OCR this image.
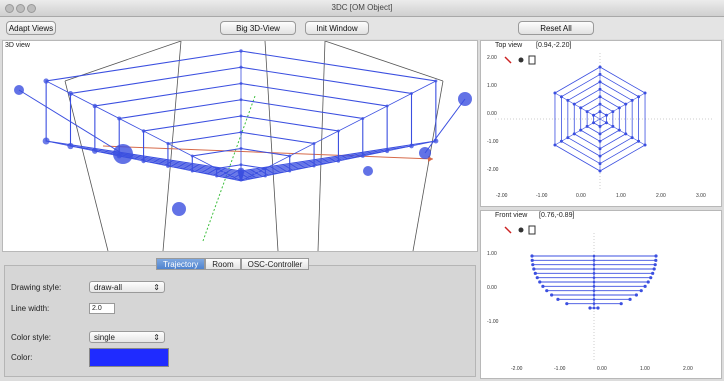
3DC [OM Object]
Adapt Views	Big 3D-View	Init Window	Reset All
3D view	Top view [0.94,-2.20]
2.00
1.00
0.00
-1.00
-2.00
-2.00	-1.00	0.00	1.00	2.00	3.00
Front view [0.76,-0.89]
1.00
0.00
-1.00
-2.00	-1.00	0.00	1.00	2.00
Drawing style:	draw-all	⇕
Line width:	2.0
Color style:	single	⇕
Color:
Trajectory	Room	OSC-Controller
